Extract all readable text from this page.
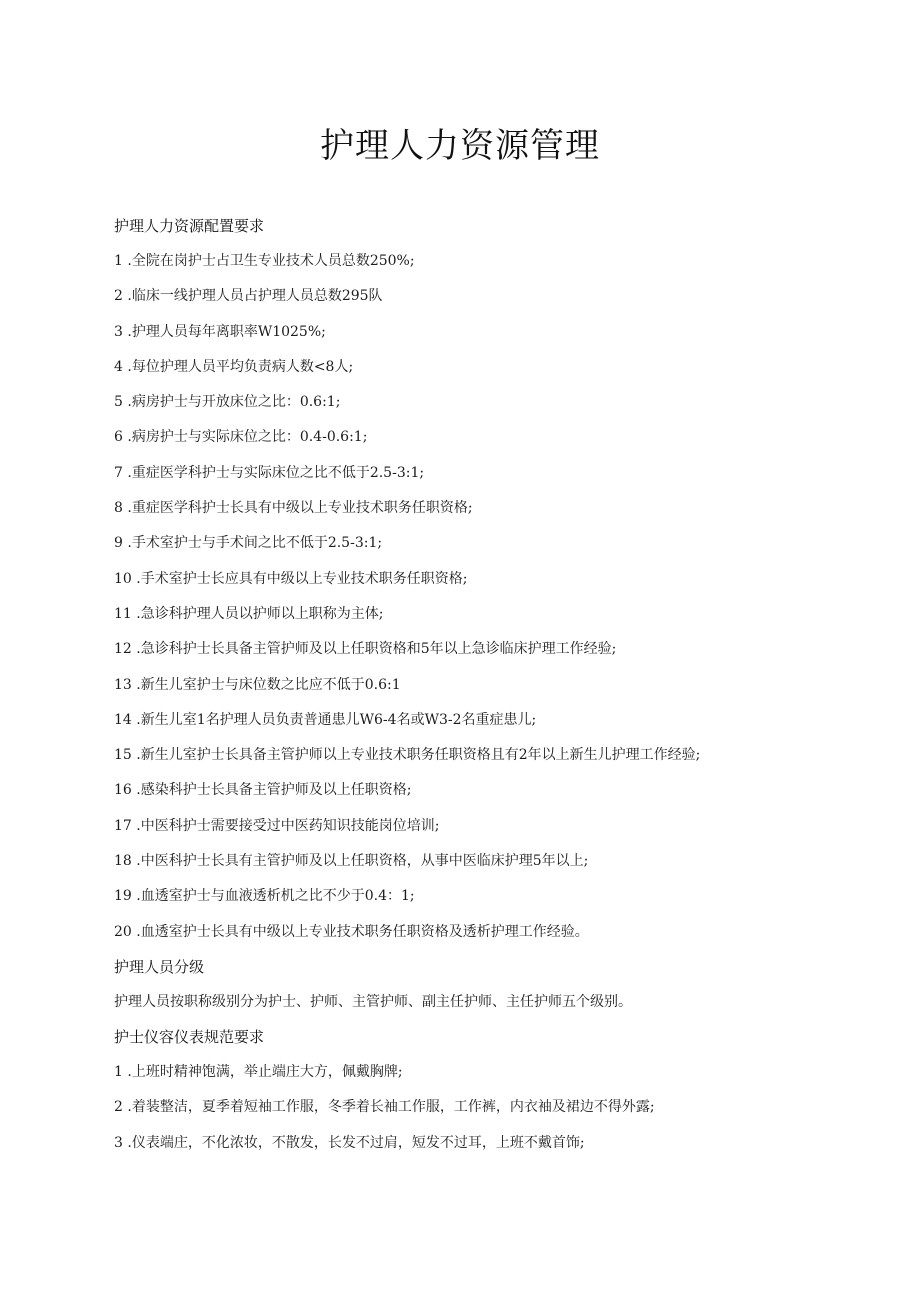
护理人力资源管理
护理人力资源配置要求
1 .全院在岗护士占卫生专业技术人员总数250%;
2 .临床一线护理人员占护理人员总数295队
3 .护理人员每年离职率W1025%;
4 .每位护理人员平均负责病人数<8人;
5 .病房护士与开放床位之比：0.6:1;
6 .病房护士与实际床位之比：0.4-0.6:1;
7 .重症医学科护士与实际床位之比不低于2.5-3:1;
8 .重症医学科护士长具有中级以上专业技术职务任职资格;
9 .手术室护士与手术间之比不低于2.5-3:1;
10 .手术室护士长应具有中级以上专业技术职务任职资格;
11 .急诊科护理人员以护师以上职称为主体;
12 .急诊科护士长具备主管护师及以上任职资格和5年以上急诊临床护理工作经验;
13 .新生儿室护士与床位数之比应不低于0.6:1
14 .新生儿室1名护理人员负责普通患儿W6-4名或W3-2名重症患儿;
15 .新生儿室护士长具备主管护师以上专业技术职务任职资格且有2年以上新生儿护理工作经验;
16 .感染科护士长具备主管护师及以上任职资格;
17 .中医科护士需要接受过中医药知识技能岗位培训;
18 .中医科护士长具有主管护师及以上任职资格，从事中医临床护理5年以上;
19 .血透室护士与血液透析机之比不少于0.4：1;
20 .血透室护士长具有中级以上专业技术职务任职资格及透析护理工作经验。
护理人员分级
护理人员按职称级别分为护士、护师、主管护师、副主任护师、主任护师五个级别。
护士仪容仪表规范要求
1 .上班时精神饱满，举止端庄大方，佩戴胸牌;
2 .着装整洁，夏季着短袖工作服，冬季着长袖工作服，工作裤，内衣袖及裙边不得外露;
3 .仪表端庄，不化浓妆，不散发，长发不过肩，短发不过耳，上班不戴首饰;
